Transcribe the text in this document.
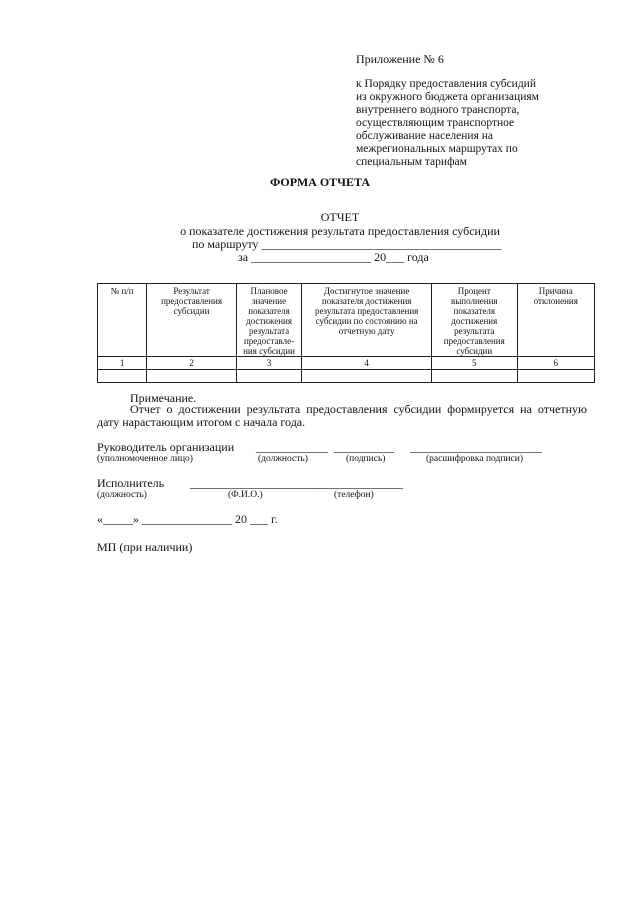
Приложение № 6
к Порядку предоставления субсидий
из окружного бюджета организациям
внутреннего водного транспорта,
осуществляющим транспортное
обслуживание населения на
межрегиональных маршрутах по
специальным тарифам
ФОРМА ОТЧЕТА
ОТЧЕТ
о показателе достижения результата предоставления субсидии
по маршруту ________________________________________
за ____________________ 20___ года
№ п/п	Результат предоставления субсидии	Плановое значение показателя достижения результата предоставле-ния субсидии	Достигнутое значение показателя достижения результата предоставления субсидии по состоянию на отчетную дату	Процент выполнения показателя достижения результата предоставления субсидии	Причина отклонения
1	2	3	4	5	6

Примечание.
Отчет о достижении результата предоставления субсидии формируется на отчетную дату нарастающим итогом с начала года.
Руководитель организации ____________ __________ ______________________
(уполномоченное лицо)	(должность)	(подпись)	(расшифровка подписи)
Исполнитель _____________________
_______________
(должность)	(Ф.И.О.)	(телефон)
«_____» _______________ 20 ___ г.
МП (при наличии)
